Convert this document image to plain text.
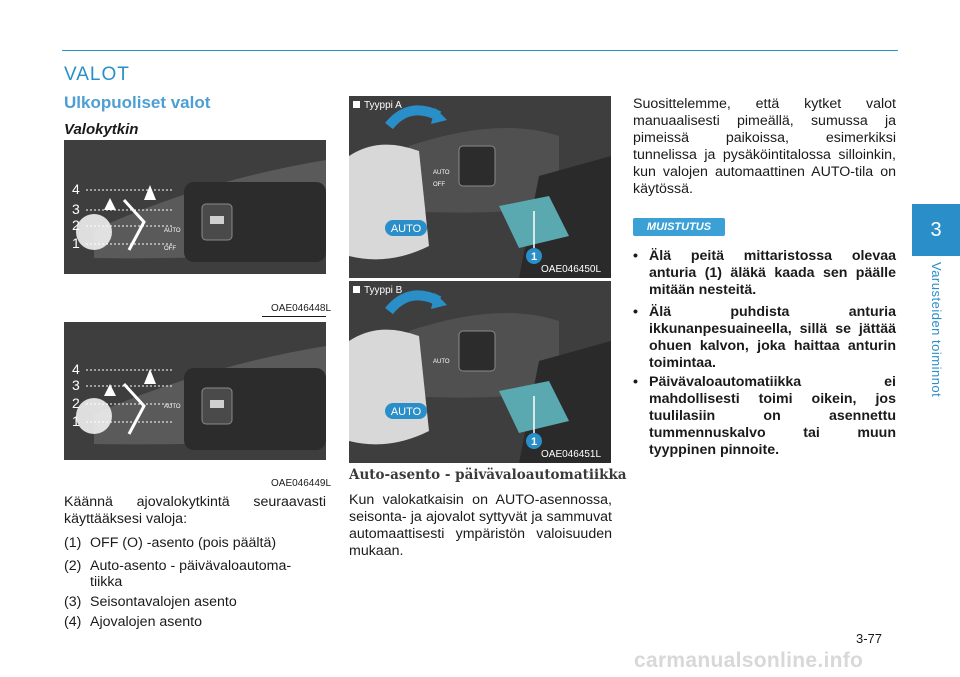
VALOT
Ulkopuoliset valot
Valokytkin
AUTO
OFF
4
3
2
1
OAE046448L
AUTO
4
3
2
1
OAE046449L
Käännä ajovalokytkintä seuraavasti käyttääksesi valoja:
(1) OFF (O) -asento (pois päältä)
(2) Auto-asento - päivävaloautoma-
tiikka
(3) Seisontavalojen asento
(4) Ajovalojen asento
AUTO
OFF
AUTO
1
Tyyppi A
OAE046450L
AUTO
AUTO
1
Tyyppi B
OAE046451L
Auto-asento - päivävaloautomatiikka
Kun valokatkaisin on AUTO-asennossa, seisonta- ja ajovalot syttyvät ja sammuvat automaattisesti ympäristön valoisuuden mukaan.
Suosittelemme, että kytket valot manuaalisesti pimeällä, sumussa ja pimeissä paikoissa, esimerkiksi tunnelissa ja pysäköintitalossa silloinkin, kun valojen automaattinen AUTO-tila on käytössä.
MUISTUTUS
• Älä peitä mittaristossa olevaa anturia (1) äläkä kaada sen päälle mitään nesteitä.
• Älä puhdista anturia ikkunanpesuaineella, sillä se jättää ohuen kalvon, joka haittaa anturin toimintaa.
• Päivävaloautomatiikka ei mahdollisesti toimi oikein, jos tuulilasiin on asennettu tummennuskalvo tai muun tyyppinen pinnoite.
3
Varusteiden toiminnot
3-77
carmanualsonline.info
